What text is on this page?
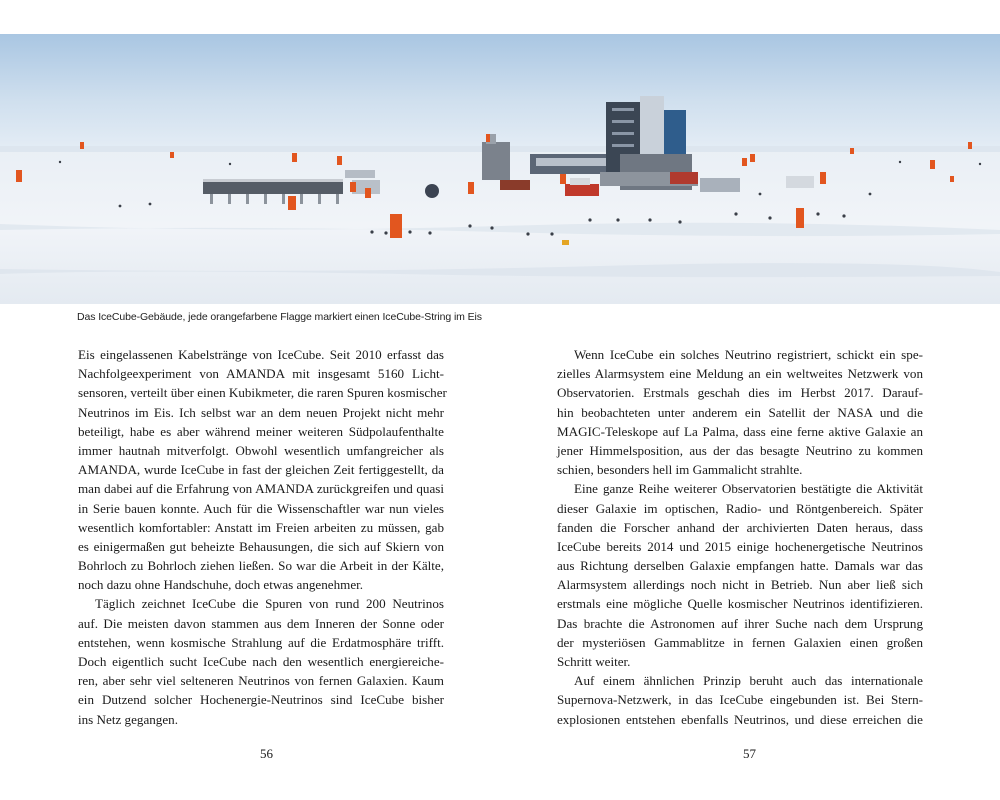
Das IceCube-Gebäude, jede orangefarbene Flagge markiert einen IceCube-String im Eis
Eis eingelassenen Kabelstränge von IceCube. Seit 2010 erfasst das
Nachfolgeexperiment von AMANDA mit insgesamt 5160 Licht-
sensoren, verteilt über einen Kubikmeter, die raren Spuren kosmischer
Neutrinos im Eis. Ich selbst war an dem neuen Projekt nicht mehr
beteiligt, habe es aber während meiner weiteren Südpolaufenthalte
immer hautnah mitverfolgt. Obwohl wesentlich umfangreicher als
AMANDA, wurde IceCube in fast der gleichen Zeit fertiggestellt, da
man dabei auf die Erfahrung von AMANDA zurückgreifen und quasi
in Serie bauen konnte. Auch für die Wissenschaftler war nun vieles
wesentlich komfortabler: Anstatt im Freien arbeiten zu müssen, gab
es einigermaßen gut beheizte Behausungen, die sich auf Skiern von
Bohrloch zu Bohrloch ziehen ließen. So war die Arbeit in der Kälte,
noch dazu ohne Handschuhe, doch etwas angenehmer.
Täglich zeichnet IceCube die Spuren von rund 200 Neutrinos
auf. Die meisten davon stammen aus dem Inneren der Sonne oder
entstehen, wenn kosmische Strahlung auf die Erdatmosphäre trifft.
Doch eigentlich sucht IceCube nach den wesentlich energiereiche-
ren, aber sehr viel selteneren Neutrinos von fernen Galaxien. Kaum
ein Dutzend solcher Hochenergie-Neutrinos sind IceCube bisher
ins Netz gegangen.
Wenn IceCube ein solches Neutrino registriert, schickt ein spe-
zielles Alarmsystem eine Meldung an ein weltweites Netzwerk von
Observatorien. Erstmals geschah dies im Herbst 2017. Darauf-
hin beobachteten unter anderem ein Satellit der NASA und die
MAGIC-Teleskope auf La Palma, dass eine ferne aktive Galaxie an
jener Himmelsposition, aus der das besagte Neutrino zu kommen
schien, besonders hell im Gammalicht strahlte.
Eine ganze Reihe weiterer Observatorien bestätigte die Aktivität
dieser Galaxie im optischen, Radio- und Röntgenbereich. Später
fanden die Forscher anhand der archivierten Daten heraus, dass
IceCube bereits 2014 und 2015 einige hochenergetische Neutrinos
aus Richtung derselben Galaxie empfangen hatte. Damals war das
Alarmsystem allerdings noch nicht in Betrieb. Nun aber ließ sich
erstmals eine mögliche Quelle kosmischer Neutrinos identifizieren.
Das brachte die Astronomen auf ihrer Suche nach dem Ursprung
der mysteriösen Gammablitze in fernen Galaxien einen großen
Schritt weiter.
Auf einem ähnlichen Prinzip beruht auch das internationale
Supernova-Netzwerk, in das IceCube eingebunden ist. Bei Stern-
explosionen entstehen ebenfalls Neutrinos, und diese erreichen die
56	57
